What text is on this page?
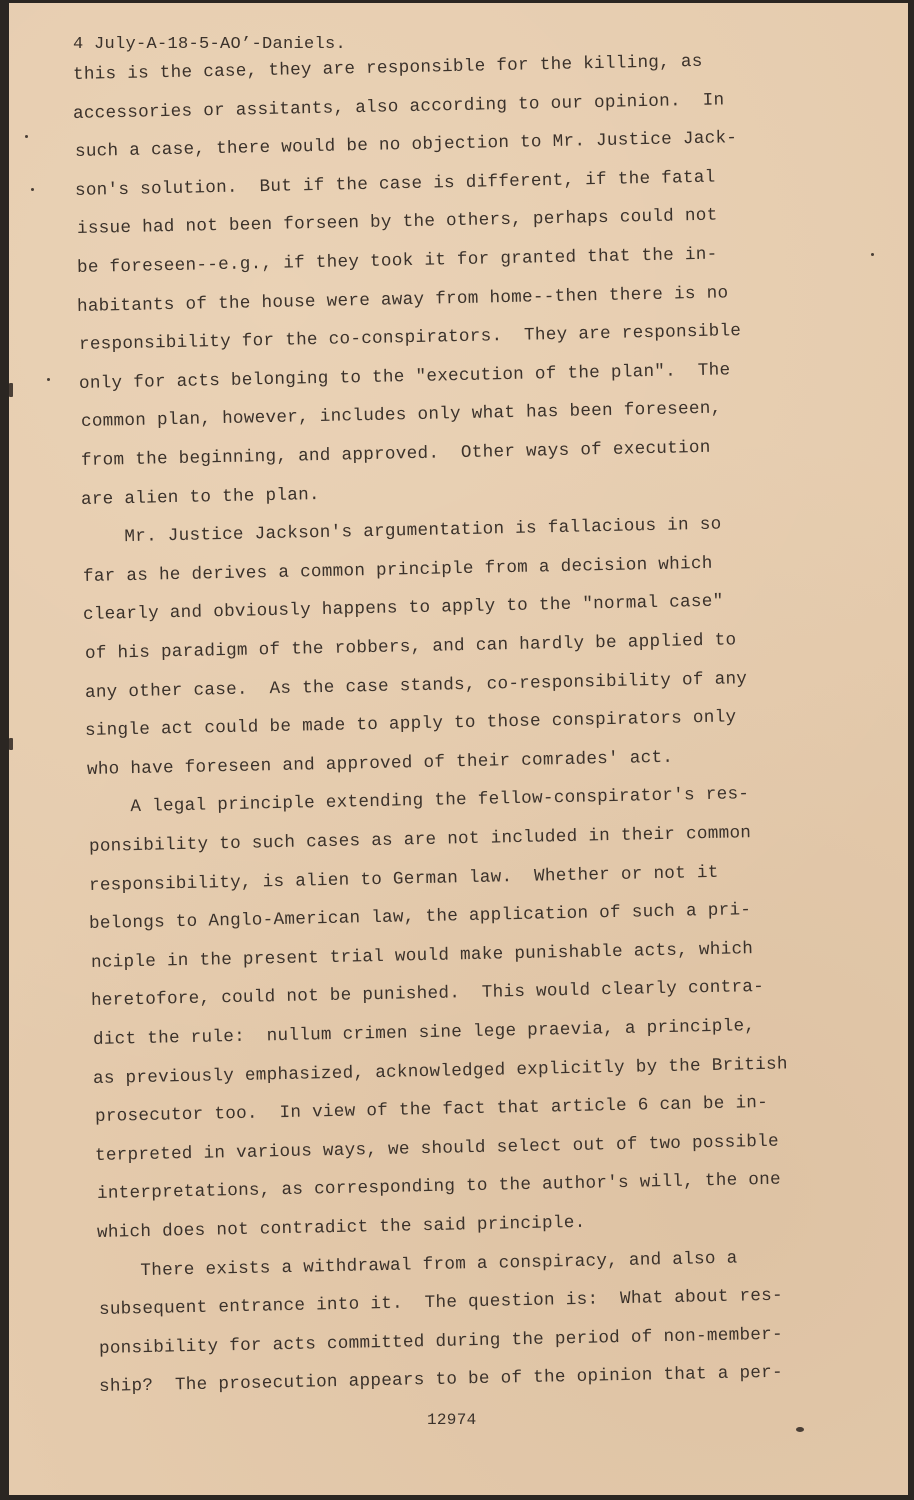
4 July-A-18-5-AO’-Daniels.
this is the case, they are responsible for the killing, as
accessories or assitants, also according to our opinion.  In
such a case, there would be no objection to Mr. Justice Jack-
son's solution.  But if the case is different, if the fatal
issue had not been forseen by the others, perhaps could not
be foreseen--e.g., if they took it for granted that the in-
habitants of the house were away from home--then there is no
responsibility for the co-conspirators.  They are responsible
only for acts belonging to the "execution of the plan".  The
common plan, however, includes only what has been foreseen,
from the beginning, and approved.  Other ways of execution
are alien to the plan.
Mr. Justice Jackson's argumentation is fallacious in so
far as he derives a common principle from a decision which
clearly and obviously happens to apply to the "normal case"
of his paradigm of the robbers, and can hardly be applied to
any other case.  As the case stands, co-responsibility of any
single act could be made to apply to those conspirators only
who have foreseen and approved of their comrades' act.
A legal principle extending the fellow-conspirator's res-
ponsibility to such cases as are not included in their common
responsibility, is alien to German law.  Whether or not it
belongs to Anglo-American law, the application of such a pri-
nciple in the present trial would make punishable acts, which
heretofore, could not be punished.  This would clearly contra-
dict the rule:  nullum crimen sine lege praevia, a principle,
as previously emphasized, acknowledged explicitly by the British
prosecutor too.  In view of the fact that article 6 can be in-
terpreted in various ways, we should select out of two possible
interpretations, as corresponding to the author's will, the one
which does not contradict the said principle.
There exists a withdrawal from a conspiracy, and also a
subsequent entrance into it.  The question is:  What about res-
ponsibility for acts committed during the period of non-member-
ship?  The prosecution appears to be of the opinion that a per-
12974
